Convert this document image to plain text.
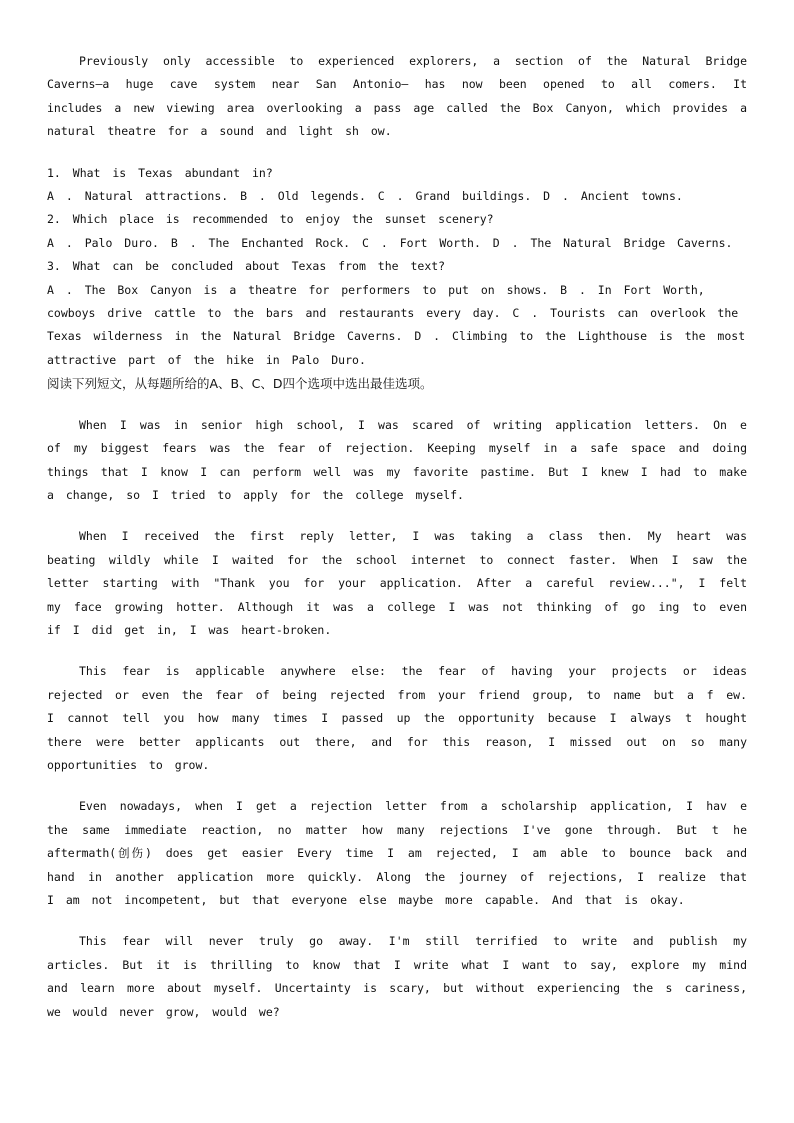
Previously only accessible to experienced explorers, a section of the Natural Bridge Caverns—a huge cave system near San Antonio— has now been opened to all comers. It includes a new viewing area overlooking a pass age called the Box Canyon, which provides a natural theatre for a sound and light sh ow.

1. What is Texas abundant in?

A . Natural attractions. B . Old legends. C . Grand buildings. D . Ancient towns.

2. Which place is recommended to enjoy the sunset scenery?

A . Palo Duro. B . The Enchanted Rock. C . Fort Worth. D . The Natural Bridge Caverns.

3. What can be concluded about Texas from the text?

A . The Box Canyon is a theatre for performers to put on shows. B . In Fort Worth, cowboys drive cattle to the bars and restaurants every day. C . Tourists can overlook the Texas wilderness in the Natural Bridge Caverns. D . Climbing to the Lighthouse is the most attractive part of the hike in Palo Duro.

阅读下列短文，从每题所给的A、B、C、D四个选项中选出最佳选项。

When I was in senior high school, I was scared of writing application letters. On e of my biggest fears was the fear of rejection. Keeping myself in a safe space and doing things that I know I can perform well was my favorite pastime. But I knew I had to make a change, so I tried to apply for the college myself.

When I received the first reply letter, I was taking a class then. My heart was beating wildly while I waited for the school internet to connect faster. When I saw the letter starting with "Thank you for your application. After a careful review...", I felt my face growing hotter. Although it was a college I was not thinking of go ing to even if I did get in, I was heart-broken.

This fear is applicable anywhere else: the fear of having your projects or ideas rejected or even the fear of being rejected from your friend group, to name but a f ew. I cannot tell you how many times I passed up the opportunity because I always t hought there were better applicants out there, and for this reason, I missed out on so many opportunities to grow.

Even nowadays, when I get a rejection letter from a scholarship application, I hav e the same immediate reaction, no matter how many rejections I've gone through. But t he aftermath(创伤) does get easier Every time I am rejected, I am able to bounce back and hand in another application more quickly. Along the journey of rejections, I realize that I am not incompetent, but that everyone else maybe more capable. And that is okay.

This fear will never truly go away. I'm still terrified to write and publish my articles. But it is thrilling to know that I write what I want to say, explore my mind and learn more about myself. Uncertainty is scary, but without experiencing the s cariness, we would never grow, would we?
